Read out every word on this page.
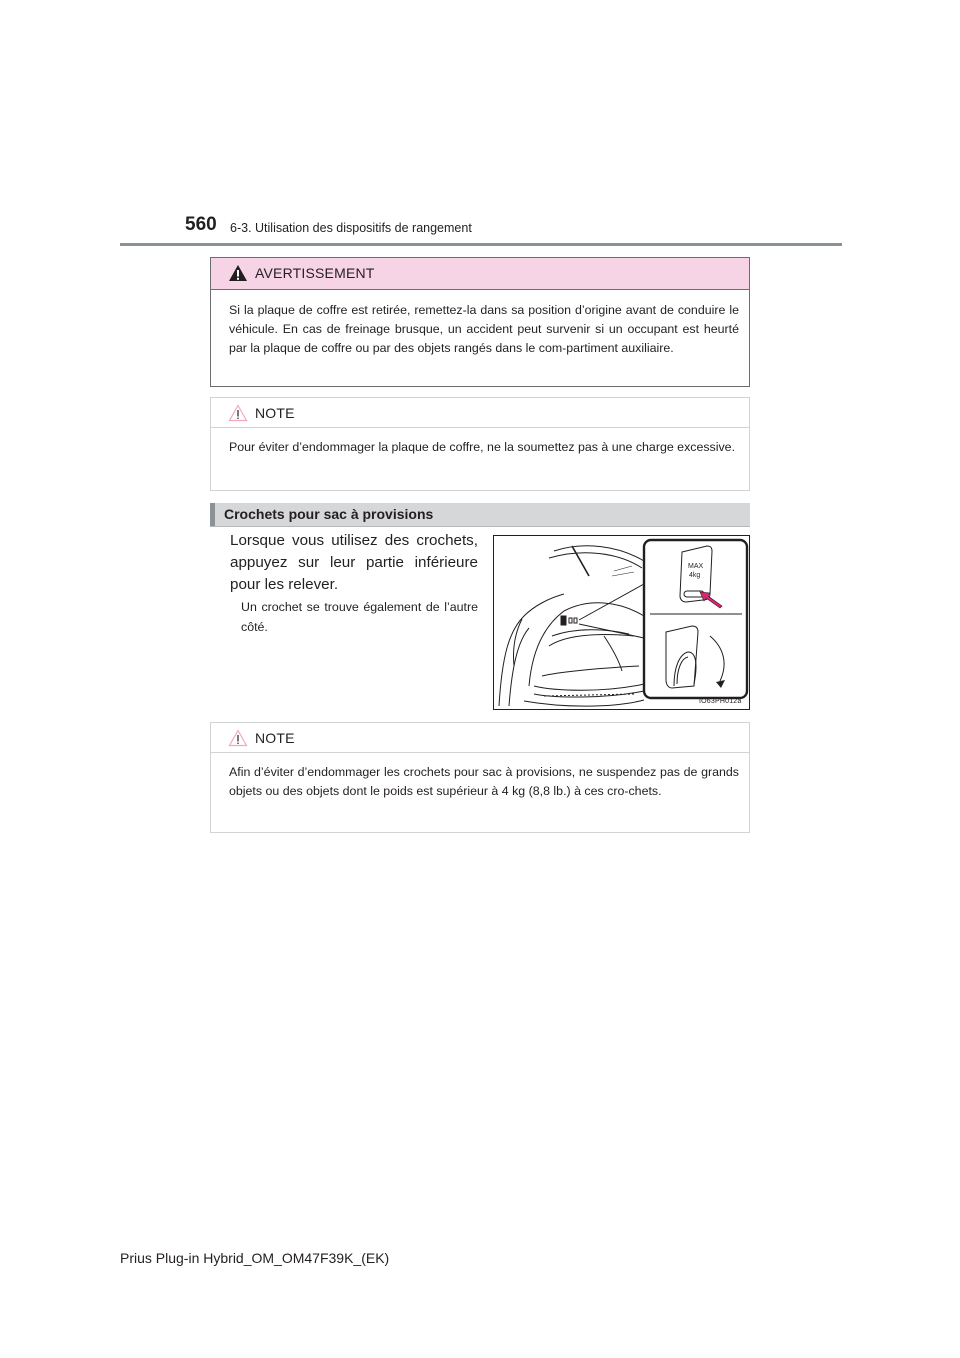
560 6-3. Utilisation des dispositifs de rangement
AVERTISSEMENT
Si la plaque de coffre est retirée, remettez-la dans sa position d’origine avant de conduire le véhicule. En cas de freinage brusque, un accident peut survenir si un occupant est heurté par la plaque de coffre ou par des objets rangés dans le com-partiment auxiliaire.
NOTE
Pour éviter d’endommager la plaque de coffre, ne la soumettez pas à une charge excessive.
Crochets pour sac à provisions
Lorsque vous utilisez des crochets, appuyez sur leur partie inférieure pour les relever.
Un crochet se trouve également de l’autre côté.
MAX
4kg
IO63PH012a
NOTE
Afin d’éviter d’endommager les crochets pour sac à provisions, ne suspendez pas de grands objets ou des objets dont le poids est supérieur à 4 kg (8,8 lb.) à ces cro-chets.
Prius Plug-in Hybrid_OM_OM47F39K_(EK)
